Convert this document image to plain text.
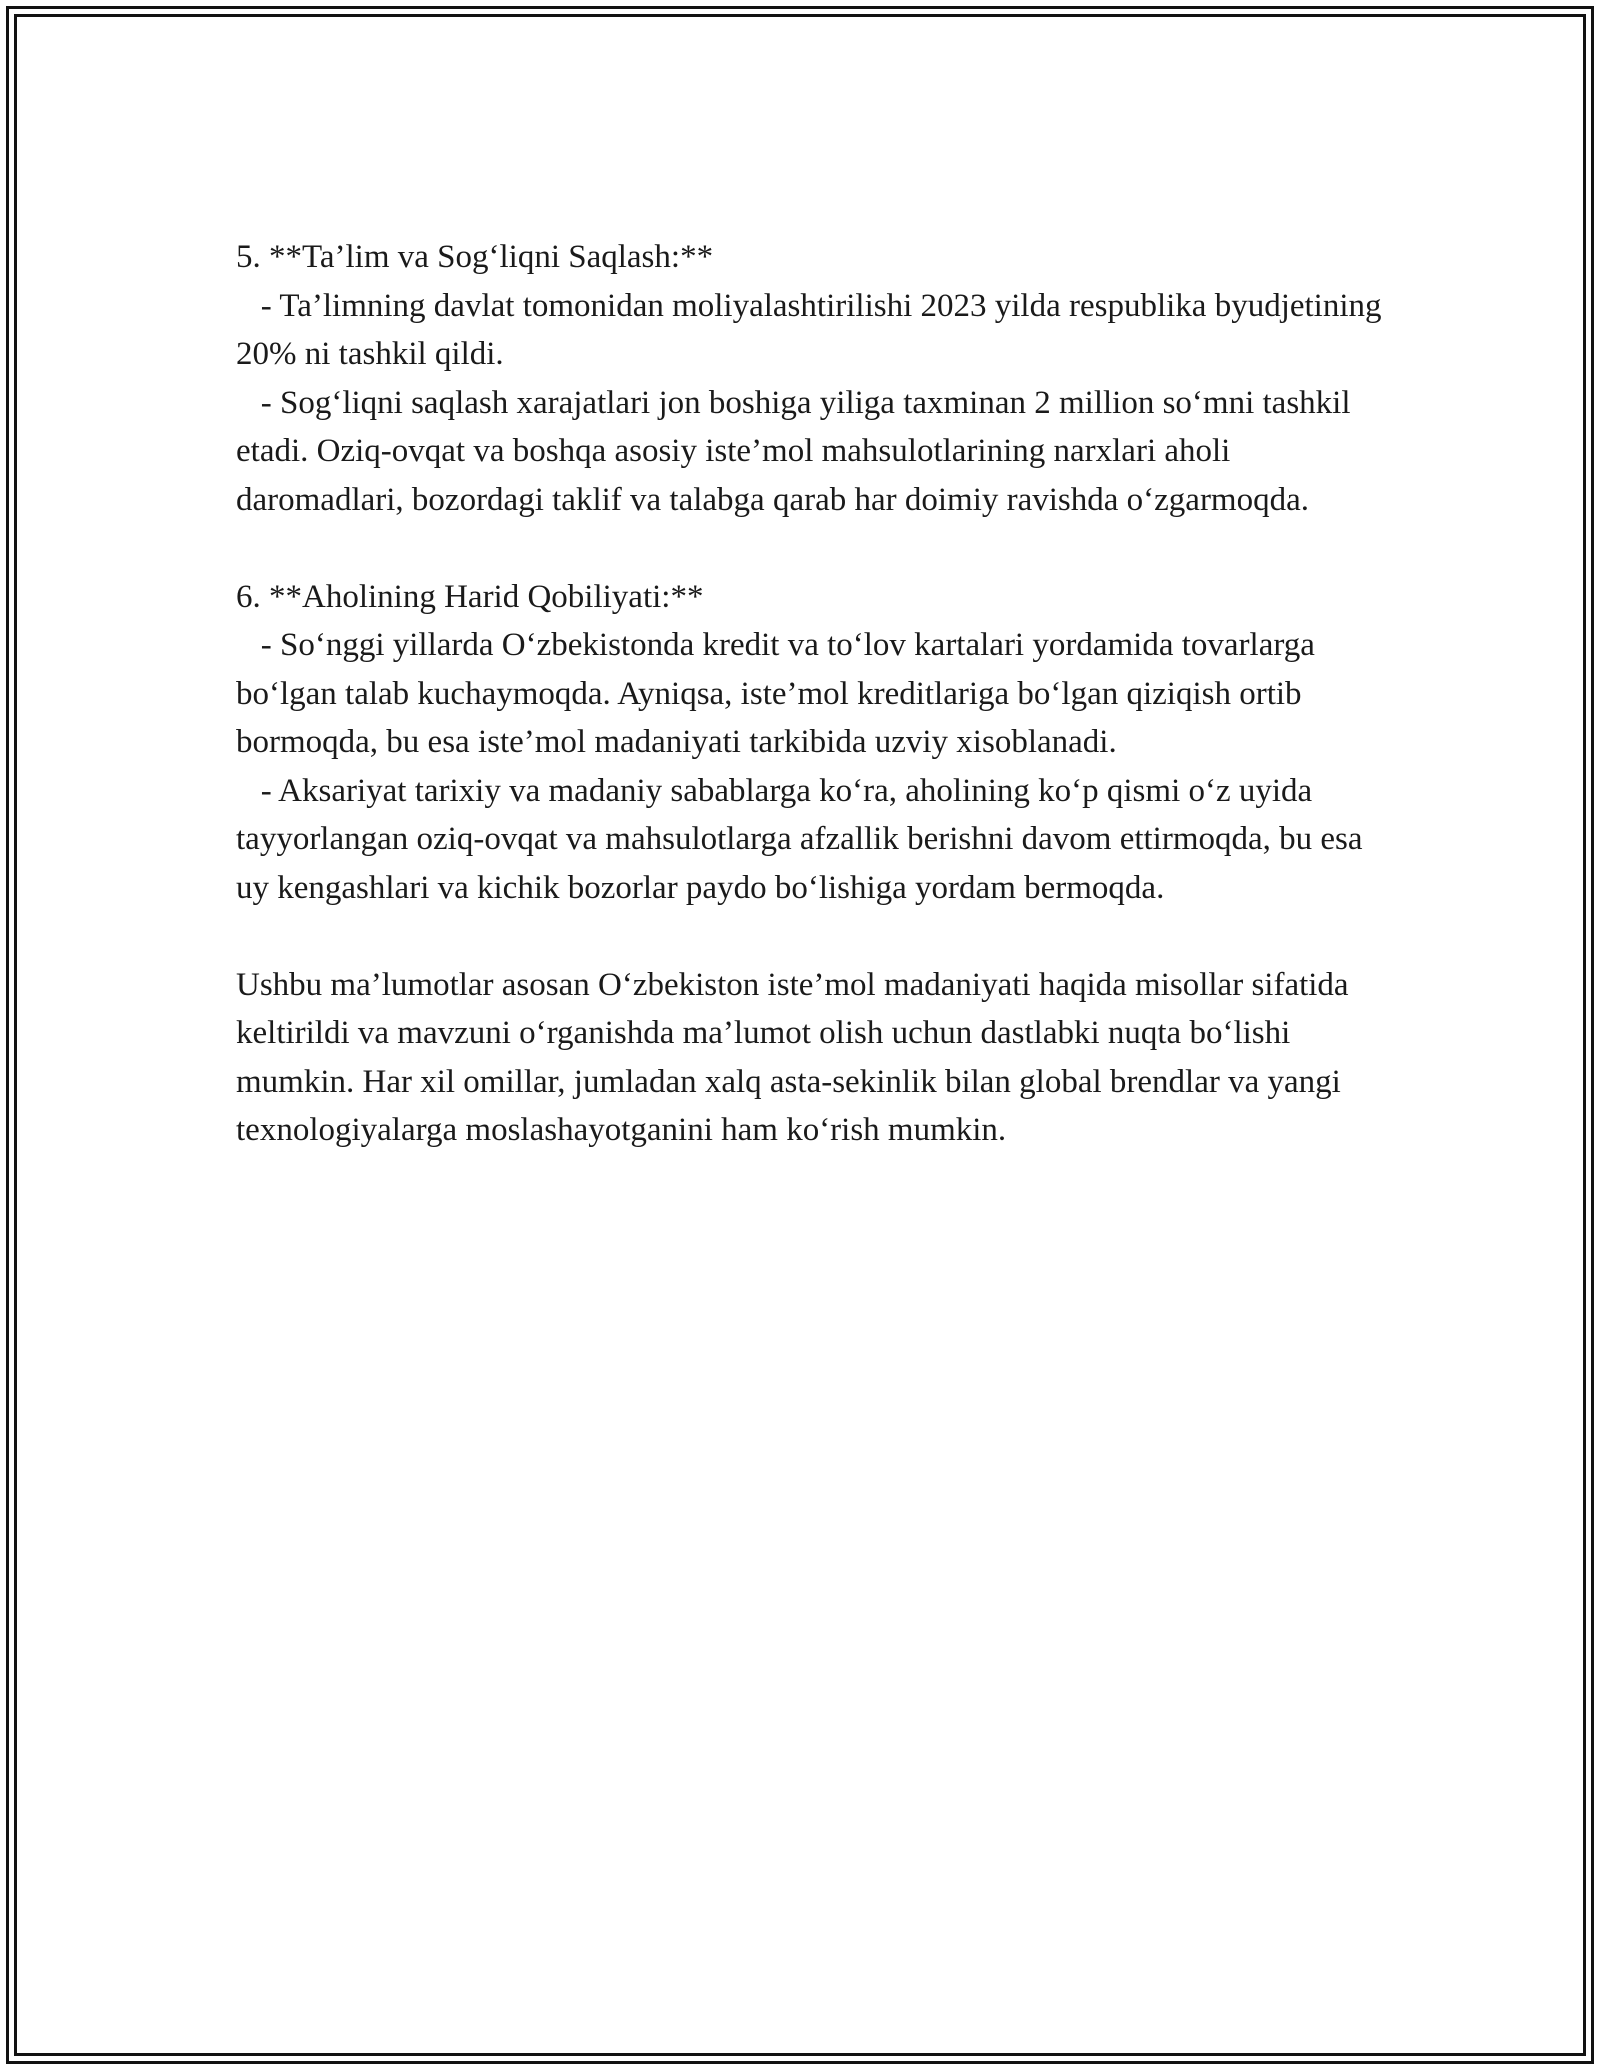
5. **Ta’lim va Sog‘liqni Saqlash:**

- Ta’limning davlat tomonidan moliyalashtirilishi 2023 yilda respublika byudjetining 20% ni tashkil qildi.

- Sog‘liqni saqlash xarajatlari jon boshiga yiliga taxminan 2 million so‘mni tashkil etadi. Oziq-ovqat va boshqa asosiy iste’mol mahsulotlarining narxlari aholi daromadlari, bozordagi taklif va talabga qarab har doimiy ravishda o‘zgarmoqda.

6. **Aholining Harid Qobiliyati:**

- So‘nggi yillarda O‘zbekistonda kredit va to‘lov kartalari yordamida tovarlarga bo‘lgan talab kuchaymoqda. Ayniqsa, iste’mol kreditlariga bo‘lgan qiziqish ortib bormoqda, bu esa iste’mol madaniyati tarkibida uzviy xisoblanadi.

- Aksariyat tarixiy va madaniy sabablarga ko‘ra, aholining ko‘p qismi o‘z uyida tayyorlangan oziq-ovqat va mahsulotlarga afzallik berishni davom ettirmoqda, bu esa uy kengashlari va kichik bozorlar paydo bo‘lishiga yordam bermoqda.

Ushbu ma’lumotlar asosan O‘zbekiston iste’mol madaniyati haqida misollar sifatida keltirildi va mavzuni o‘rganishda ma’lumot olish uchun dastlabki nuqta bo‘lishi mumkin. Har xil omillar, jumladan xalq asta-sekinlik bilan global brendlar va yangi texnologiyalarga moslashayotganini ham ko‘rish mumkin.
